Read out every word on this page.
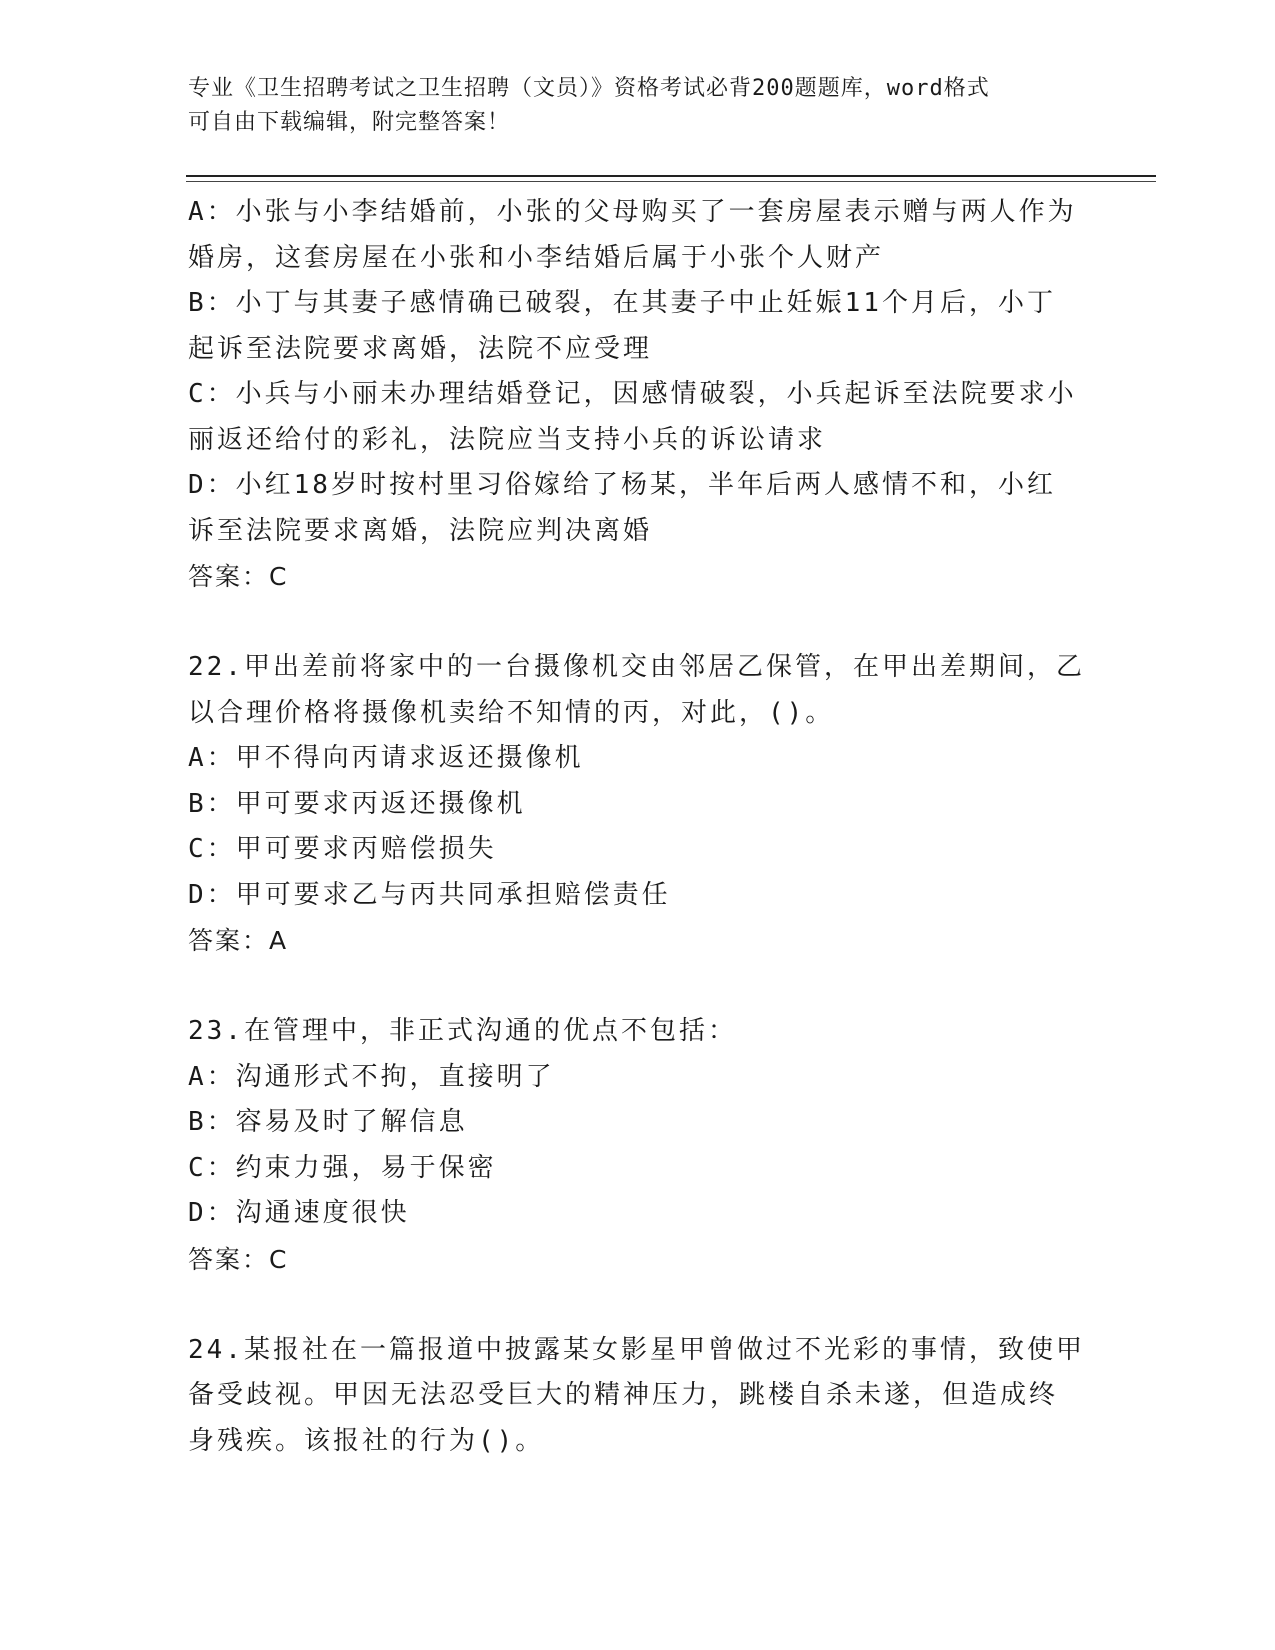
专业《卫生招聘考试之卫生招聘（文员）》资格考试必背200题题库，word格式
可自由下载编辑，附完整答案！
A：小张与小李结婚前，小张的父母购买了一套房屋表示赠与两人作为
婚房，这套房屋在小张和小李结婚后属于小张个人财产
B：小丁与其妻子感情确已破裂，在其妻子中止妊娠11个月后，小丁
起诉至法院要求离婚，法院不应受理
C：小兵与小丽未办理结婚登记，因感情破裂，小兵起诉至法院要求小
丽返还给付的彩礼，法院应当支持小兵的诉讼请求
D：小红18岁时按村里习俗嫁给了杨某，半年后两人感情不和，小红
诉至法院要求离婚，法院应判决离婚
答案：C
22.甲出差前将家中的一台摄像机交由邻居乙保管，在甲出差期间，乙
以合理价格将摄像机卖给不知情的丙，对此，()。
A：甲不得向丙请求返还摄像机
B：甲可要求丙返还摄像机
C：甲可要求丙赔偿损失
D：甲可要求乙与丙共同承担赔偿责任
答案：A
23.在管理中，非正式沟通的优点不包括：
A：沟通形式不拘，直接明了
B：容易及时了解信息
C：约束力强，易于保密
D：沟通速度很快
答案：C
24.某报社在一篇报道中披露某女影星甲曾做过不光彩的事情，致使甲
备受歧视。甲因无法忍受巨大的精神压力，跳楼自杀未遂，但造成终
身残疾。该报社的行为()。
